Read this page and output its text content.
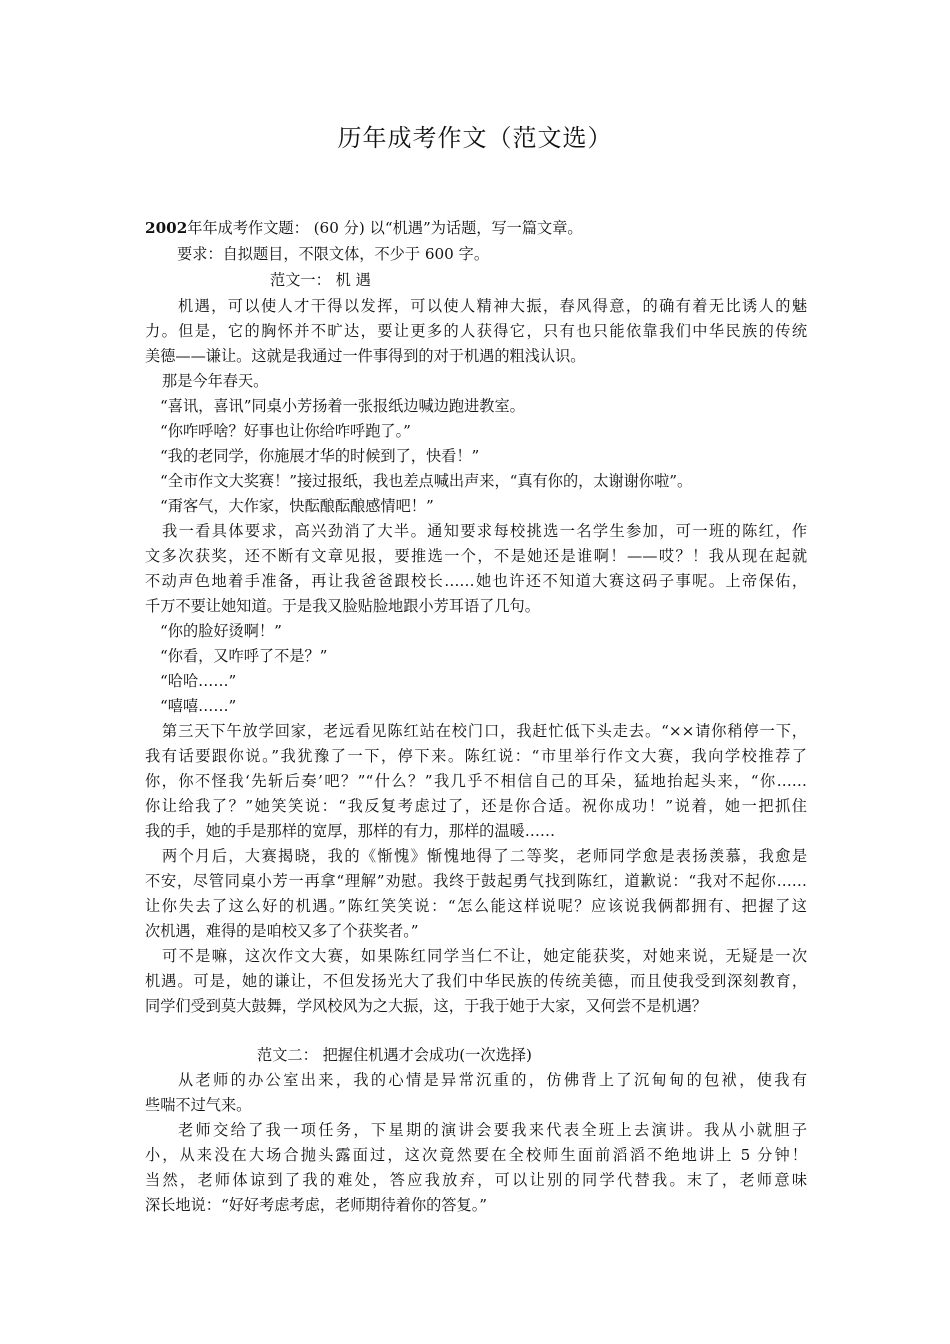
历年成考作文（范文选）
2002年年成考作文题： (60 分) 以“机遇”为话题，写一篇文章。
要求：自拟题目，不限文体，不少于 600 字。
范文一： 机 遇
机遇，可以使人才干得以发挥，可以使人精神大振，春风得意，的确有着无比诱人的魅
力。但是，它的胸怀并不旷达，要让更多的人获得它，只有也只能依靠我们中华民族的传统
美德——谦让。这就是我通过一件事得到的对于机遇的粗浅认识。
那是今年春天。
“喜讯，喜讯”同桌小芳扬着一张报纸边喊边跑进教室。
“你咋呼啥？好事也让你给咋呼跑了。”
“我的老同学，你施展才华的时候到了，快看！”
“全市作文大奖赛！”接过报纸，我也差点喊出声来，“真有你的，太谢谢你啦”。
“甭客气，大作家，快酝酿酝酿感情吧！”
我一看具体要求，高兴劲消了大半。通知要求每校挑选一名学生参加，可一班的陈红，作
文多次获奖，还不断有文章见报，要推选一个，不是她还是谁啊！——哎？！我从现在起就
不动声色地着手准备，再让我爸爸跟校长……她也许还不知道大赛这码子事呢。上帝保佑，
千万不要让她知道。于是我又脸贴脸地跟小芳耳语了几句。
“你的脸好烫啊！”
“你看，又咋呼了不是？”
“哈哈……”
“嘻嘻……”
第三天下午放学回家，老远看见陈红站在校门口，我赶忙低下头走去。“××请你稍停一下，
我有话要跟你说。”我犹豫了一下，停下来。陈红说：“市里举行作文大赛，我向学校推荐了
你，你不怪我‘先斩后奏’吧？”“什么？”我几乎不相信自己的耳朵，猛地抬起头来，“你……
你让给我了？”她笑笑说：“我反复考虑过了，还是你合适。祝你成功！”说着，她一把抓住
我的手，她的手是那样的宽厚，那样的有力，那样的温暖……
两个月后，大赛揭晓，我的《惭愧》惭愧地得了二等奖，老师同学愈是表扬羡慕，我愈是
不安，尽管同桌小芳一再拿“理解”劝慰。我终于鼓起勇气找到陈红，道歉说：“我对不起你……
让你失去了这么好的机遇。”陈红笑笑说：“怎么能这样说呢？应该说我俩都拥有、把握了这
次机遇，难得的是咱校又多了个获奖者。”
可不是嘛，这次作文大赛，如果陈红同学当仁不让，她定能获奖，对她来说，无疑是一次
机遇。可是，她的谦让，不但发扬光大了我们中华民族的传统美德，而且使我受到深刻教育，
同学们受到莫大鼓舞，学风校风为之大振，这，于我于她于大家，又何尝不是机遇？
范文二： 把握住机遇才会成功(一次选择)
从老师的办公室出来，我的心情是异常沉重的，仿佛背上了沉甸甸的包袱，使我有
些喘不过气来。
老师交给了我一项任务，下星期的演讲会要我来代表全班上去演讲。我从小就胆子
小，从来没在大场合抛头露面过，这次竟然要在全校师生面前滔滔不绝地讲上 5 分钟！
当然，老师体谅到了我的难处，答应我放弃，可以让别的同学代替我。末了，老师意味
深长地说：“好好考虑考虑，老师期待着你的答复。”
